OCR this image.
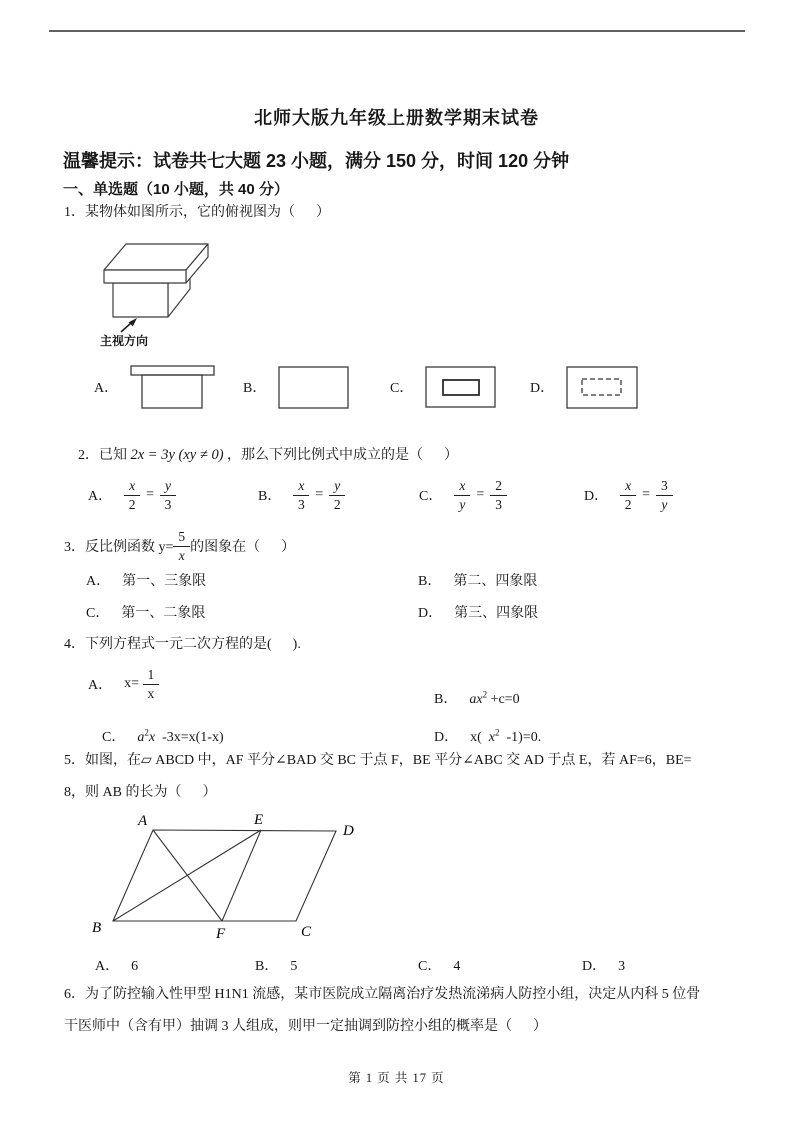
北师大版九年级上册数学期末试卷
温馨提示：试卷共七大题 23 小题，满分 150 分，时间 120 分钟
一、单选题（10 小题，共 40 分）
1．某物体如图所示，它的俯视图为（      ）
主视方向
A．	B．	C．	D．

2．已知 2x = 3y (xy ≠ 0) ，那么下列比例式中成立的是（      ）

A． $\frac{x}{2} = \frac{y}{3}$	B． $\frac{x}{3} = \frac{y}{2}$	C． $\frac{x}{y} = \frac{2}{3}$	D． $\frac{x}{2} = \frac{3}{y}$
3．反比例函数 $y= \frac{5}{x}$ 的图象在（      ）
A． 第一、三象限	B． 第二、四象限
C． 第一、二象限	D． 第三、四象限
4．下列方程式一元二次方程的是(      ).
A． $x= \frac{1}{x}$	B． $ax^2 +c=0$

C． $a^2x$  -3x=x(1-x)
	D． x(  $x^2$  -1)=0.

5．如图，在▱ ABCD 中，AF 平分∠BAD 交 BC 于点 F，BE 平分∠ABC 交 AD 于点 E，若 AF=6，BE=
8，则 AB 的长为（      ）
A	E
D
B	F	C
A． 6	B． 5	C． 4	D． 3
6．为了防控输入性甲型 H1N1 流感，某市医院成立隔离治疗发热流涕病人防控小组，决定从内科 5 位骨
干医师中（含有甲）抽调 3 人组成，则甲一定抽调到防控小组的概率是（      ）
第 1 页 共 17 页
